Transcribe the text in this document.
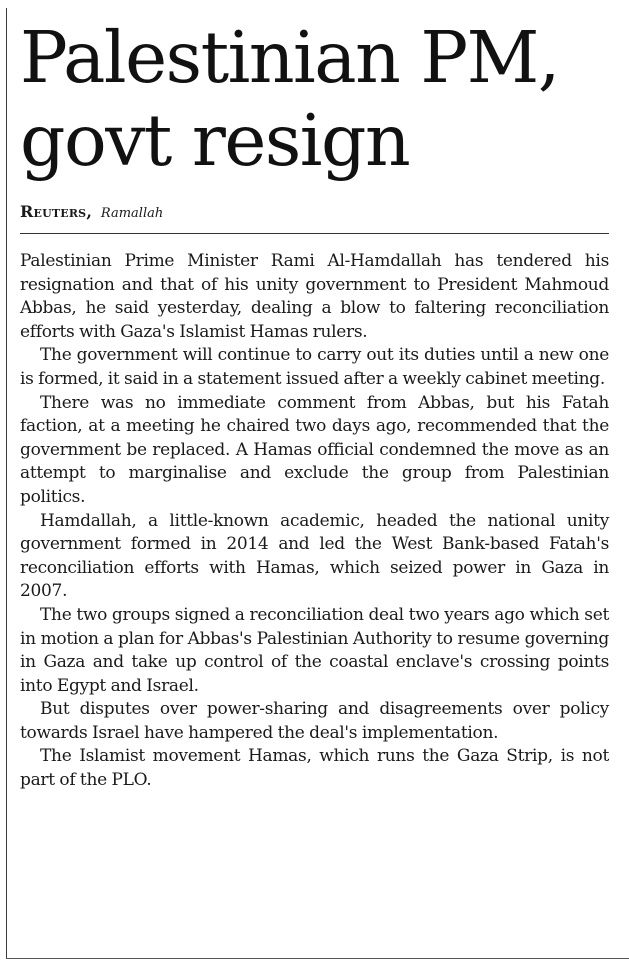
Palestinian PM,
govt resign
Reuters, Ramallah

Palestinian Prime Minister Rami Al-Hamdallah has tendered his resignation and that of his unity government to President Mahmoud Abbas, he said yesterday, dealing a blow to faltering reconciliation efforts with Gaza's Islamist Hamas rulers.

The government will continue to carry out its duties until a new one is formed, it said in a statement issued after a weekly cabinet meeting.

There was no immediate comment from Abbas, but his Fatah faction, at a meeting he chaired two days ago, recommended that the government be replaced. A Hamas official condemned the move as an attempt to marginalise and exclude the group from Palestinian politics.

Hamdallah, a little-known academic, headed the national unity government formed in 2014 and led the West Bank-based Fatah's reconciliation efforts with Hamas, which seized power in Gaza in 2007.

The two groups signed a reconciliation deal two years ago which set in motion a plan for Abbas's Palestinian Authority to resume governing in Gaza and take up control of the coastal enclave's crossing points into Egypt and Israel.

But disputes over power-sharing and disagreements over policy towards Israel have hampered the deal's implementation.

The Islamist movement Hamas, which runs the Gaza Strip, is not part of the PLO.
